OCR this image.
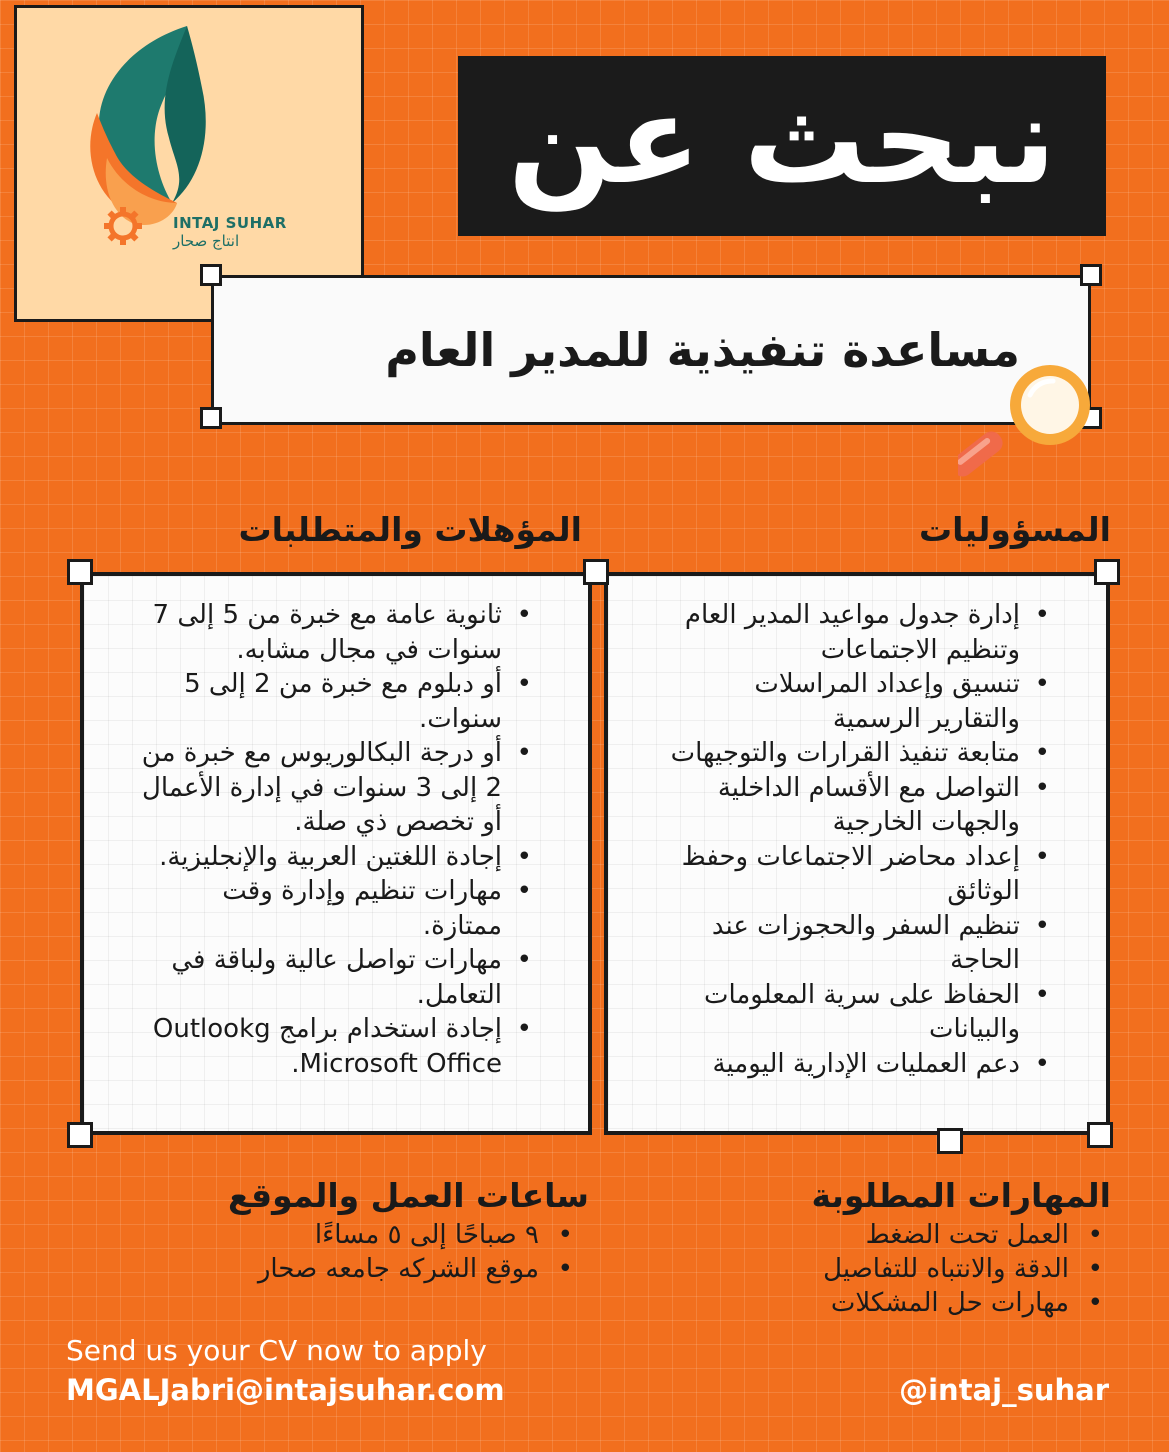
INTAJ SUHAR
انتاج صحار
نبحث عن
مساعدة تنفيذية للمدير العام
المسؤوليات
المؤهلات والمتطلبات
• إدارة جدول مواعيد المدير العام وتنظيم الاجتماعات
• تنسيق وإعداد المراسلات والتقارير الرسمية
• متابعة تنفيذ القرارات والتوجيهات
• التواصل مع الأقسام الداخلية والجهات الخارجية
• إعداد محاضر الاجتماعات وحفظ الوثائق
• تنظيم السفر والحجوزات عند الحاجة
• الحفاظ على سرية المعلومات والبيانات
• دعم العمليات الإدارية اليومية
• ثانوية عامة مع خبرة من 5 إلى 7 سنوات في مجال مشابه.
• أو دبلوم مع خبرة من 2 إلى 5 سنوات.
• أو درجة البكالوريوس مع خبرة من 2 إلى 3 سنوات في إدارة الأعمال أو تخصص ذي صلة.
• إجادة اللغتين العربية والإنجليزية.
• مهارات تنظيم وإدارة وقت ممتازة.
• مهارات تواصل عالية ولباقة في التعامل.
• إجادة استخدام برامج Outlookg Microsoft Office.
المهارات المطلوبة
• العمل تحت الضغط
• الدقة والانتباه للتفاصيل
• مهارات حل المشكلات
ساعات العمل والموقع
• ٩ صباحًا إلى ٥ مساءًا
• موقع الشركه جامعه صحار
Send us your CV now to apply
MGALJabri@intajsuhar.com	@intaj_suhar
